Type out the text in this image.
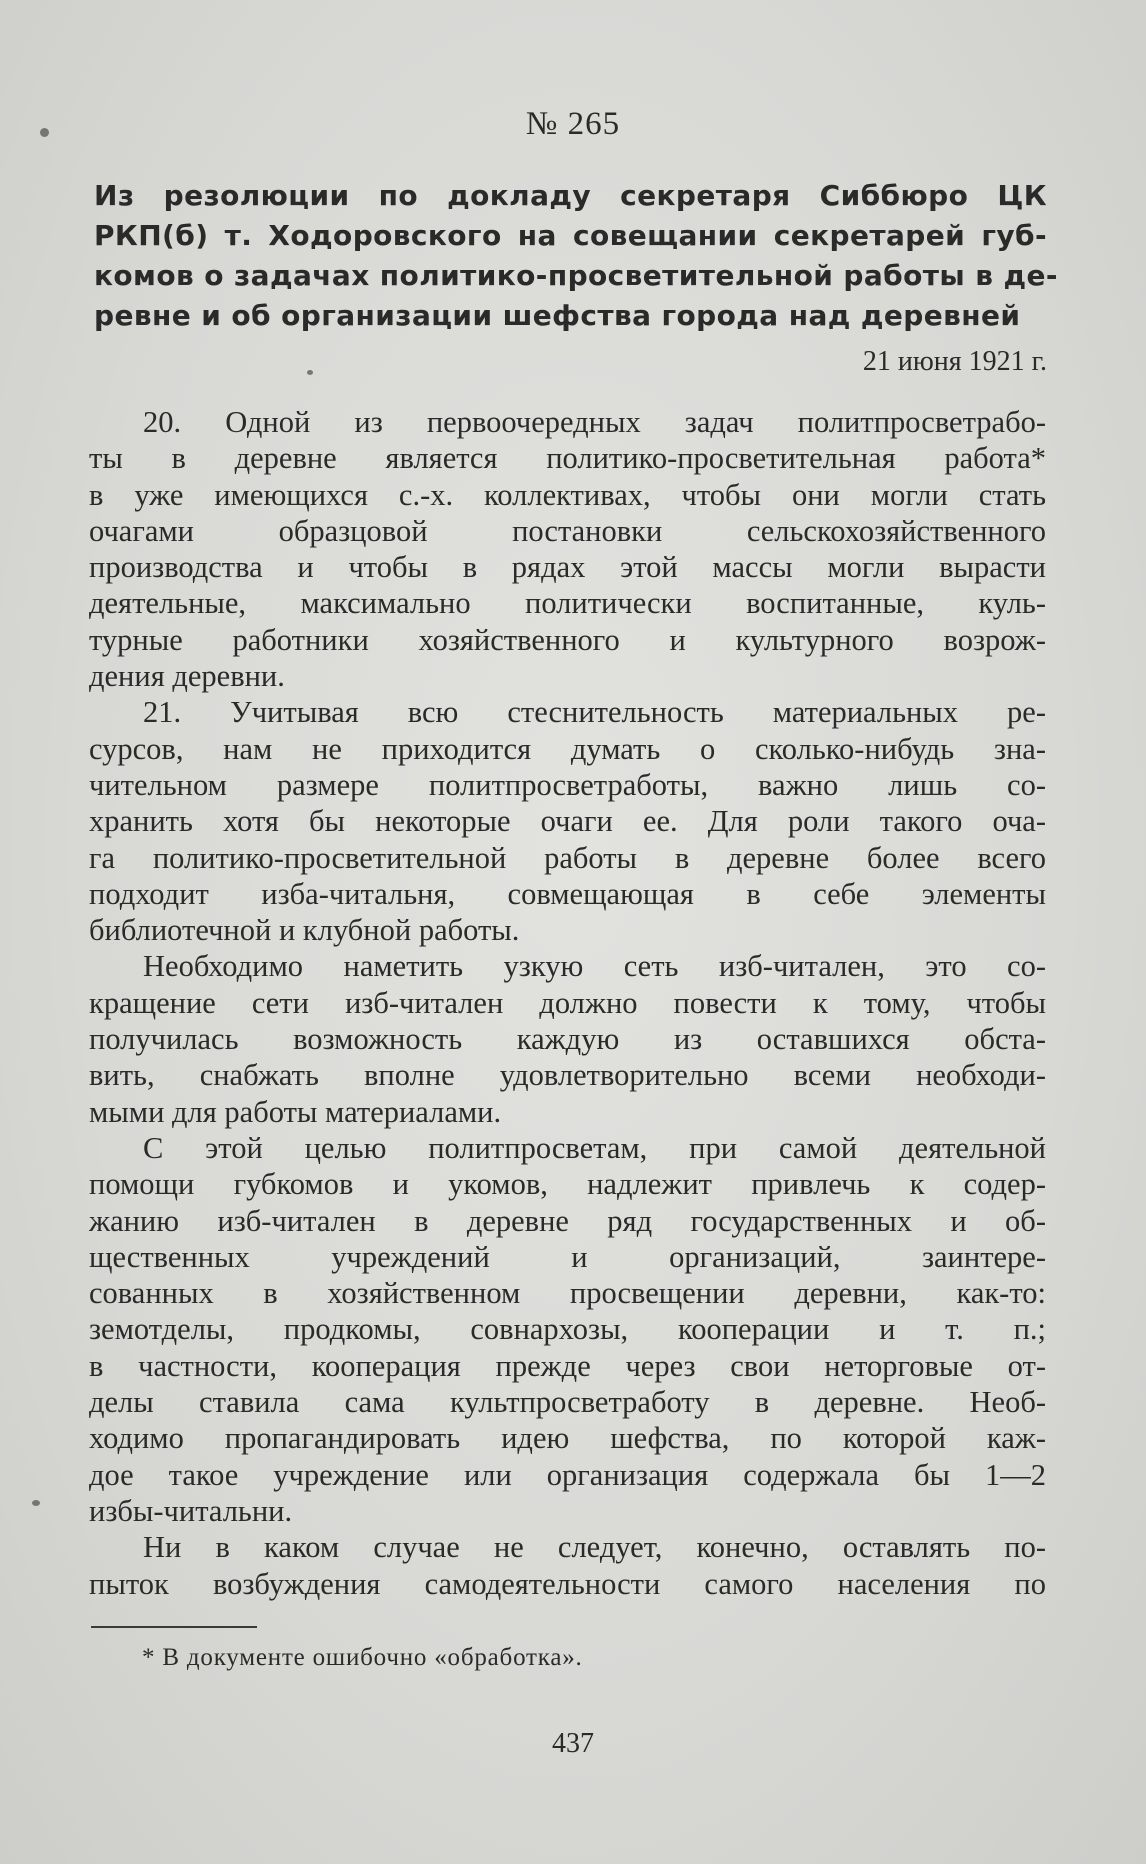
№ 265
Из резолюции по докладу секретаря Сиббюро ЦК
РКП(б) т. Ходоровского на совещании секретарей губ-
комов о задачах политико-просветительной работы в де-
ревне и об организации шефства города над деревней
21 июня 1921 г.
20. Одной из первоочередных задач политпросветрабо-
ты в деревне является политико-просветительная работа*
в уже имеющихся с.-х. коллективах, чтобы они могли стать
очагами образцовой постановки сельскохозяйственного
производства и чтобы в рядах этой массы могли вырасти
деятельные, максимально политически воспитанные, куль-
турные работники хозяйственного и культурного возрож-
дения деревни.
21. Учитывая всю стеснительность материальных ре-
сурсов, нам не приходится думать о сколько-нибудь зна-
чительном размере политпросветработы, важно лишь со-
хранить хотя бы некоторые очаги ее. Для роли такого оча-
га политико-просветительной работы в деревне более всего
подходит изба-читальня, совмещающая в себе элементы
библиотечной и клубной работы.
Необходимо наметить узкую сеть изб-читален, это со-
кращение сети изб-читален должно повести к тому, чтобы
получилась возможность каждую из оставшихся обста-
вить, снабжать вполне удовлетворительно всеми необходи-
мыми для работы материалами.
С этой целью политпросветам, при самой деятельной
помощи губкомов и укомов, надлежит привлечь к содер-
жанию изб-читален в деревне ряд государственных и об-
щественных учреждений и организаций, заинтере-
сованных в хозяйственном просвещении деревни, как-то:
земотделы, продкомы, совнархозы, кооперации и т. п.;
в частности, кооперация прежде через свои неторговые от-
делы ставила сама культпросветработу в деревне. Необ-
ходимо пропагандировать идею шефства, по которой каж-
дое такое учреждение или организация содержала бы 1—2
избы-читальни.
Ни в каком случае не следует, конечно, оставлять по-
пыток возбуждения самодеятельности самого населения по
* В документе ошибочно «обработка».
437
